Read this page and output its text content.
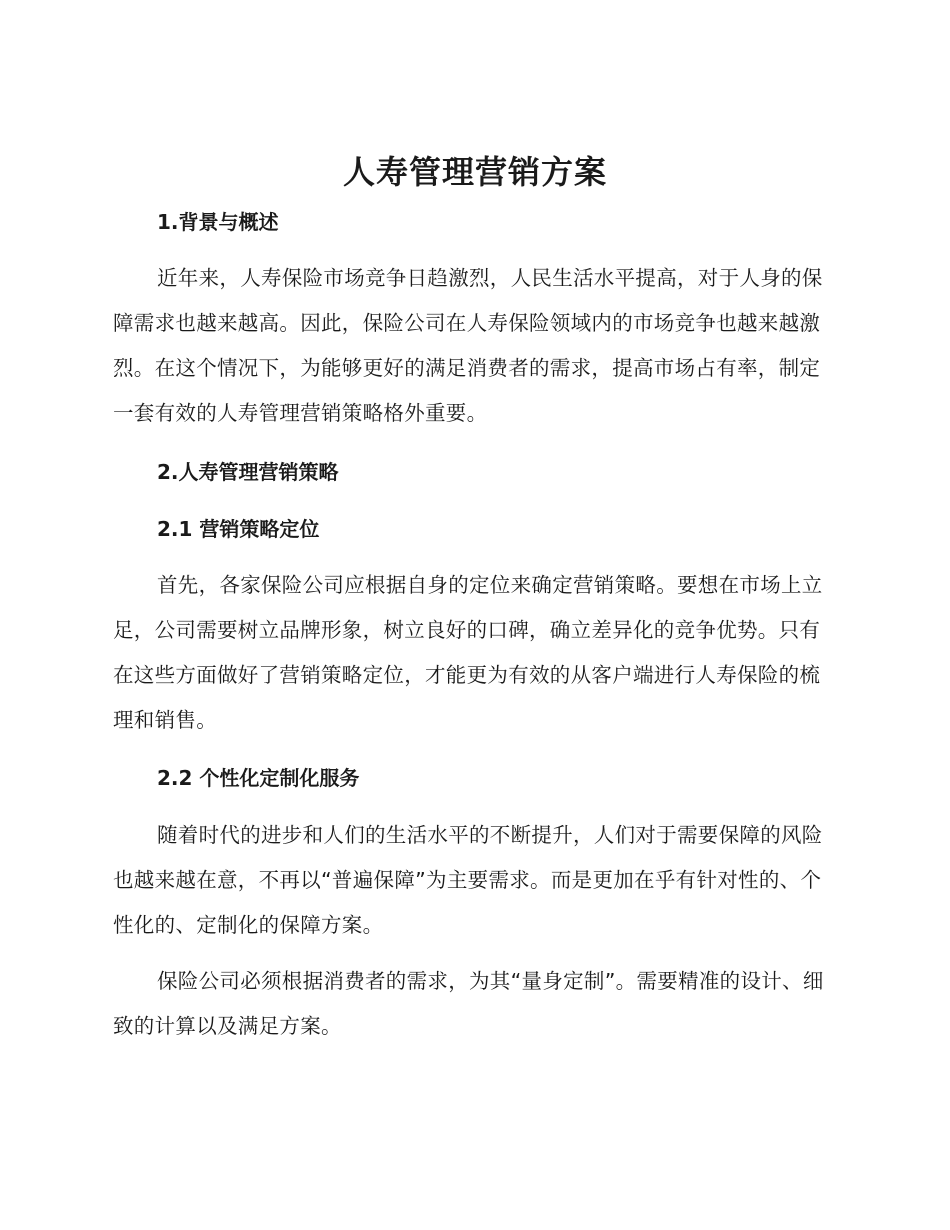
人寿管理营销方案
1.背景与概述

近年来，人寿保险市场竞争日趋激烈，人民生活水平提高，对于人身的保障需求也越来越高。因此，保险公司在人寿保险领域内的市场竞争也越来越激烈。在这个情况下，为能够更好的满足消费者的需求，提高市场占有率，制定一套有效的人寿管理营销策略格外重要。

2.人寿管理营销策略
2.1 营销策略定位

首先，各家保险公司应根据自身的定位来确定营销策略。要想在市场上立足，公司需要树立品牌形象，树立良好的口碑，确立差异化的竞争优势。只有在这些方面做好了营销策略定位，才能更为有效的从客户端进行人寿保险的梳理和销售。

2.2 个性化定制化服务

随着时代的进步和人们的生活水平的不断提升，人们对于需要保障的风险也越来越在意，不再以“普遍保障”为主要需求。而是更加在乎有针对性的、个性化的、定制化的保障方案。

保险公司必须根据消费者的需求，为其“量身定制”。需要精准的设计、细致的计算以及满足方案。
